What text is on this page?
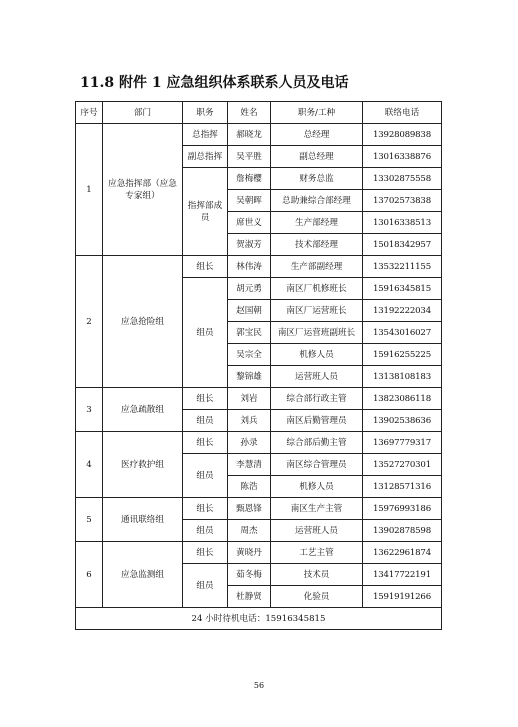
11.8 附件 1 应急组织体系联系人员及电话
序号	部门	职务	姓名	职务/工种	联络电话
1	应急指挥部（应急专家组）	总指挥	郝晓龙	总经理	13928089838
		副总指挥	吴平胜	副总经理	13016338876
		指挥部成员	詹梅樱	财务总监	13302875558
			吴朝晖	总助兼综合部经理	13702573838
			席世义	生产部经理	13016338513
			贺淑芳	技术部经理	15018342957
2	应急抢险组	组长	林伟涛	生产部副经理	13532211155
		组员	胡元勇	南区厂机修班长	15916345815
			赵国朝	南区厂运营班长	13192222034
			郭宝民	南区厂运营班副班长	13543016027
			吴宗全	机修人员	15916255225
			黎锦雄	运营班人员	13138108183
3	应急疏散组	组长	刘岩	综合部行政主管	13823086118
		组员	刘兵	南区后勤管理员	13902538636
4	医疗救护组	组长	孙录	综合部后勤主管	13697779317
		组员	李慧清	南区综合管理员	13527270301
			陈浩	机修人员	13128571316
5	通讯联络组	组长	甄恩锋	南区生产主管	15976993186
		组员	周杰	运营班人员	13902878598
6	应急监测组	组长	黄晓丹	工艺主管	13622961874
		组员	茹冬梅	技术员	13417722191
			杜静贤	化验员	15919191266
24 小时待机电话：15916345815					
56
